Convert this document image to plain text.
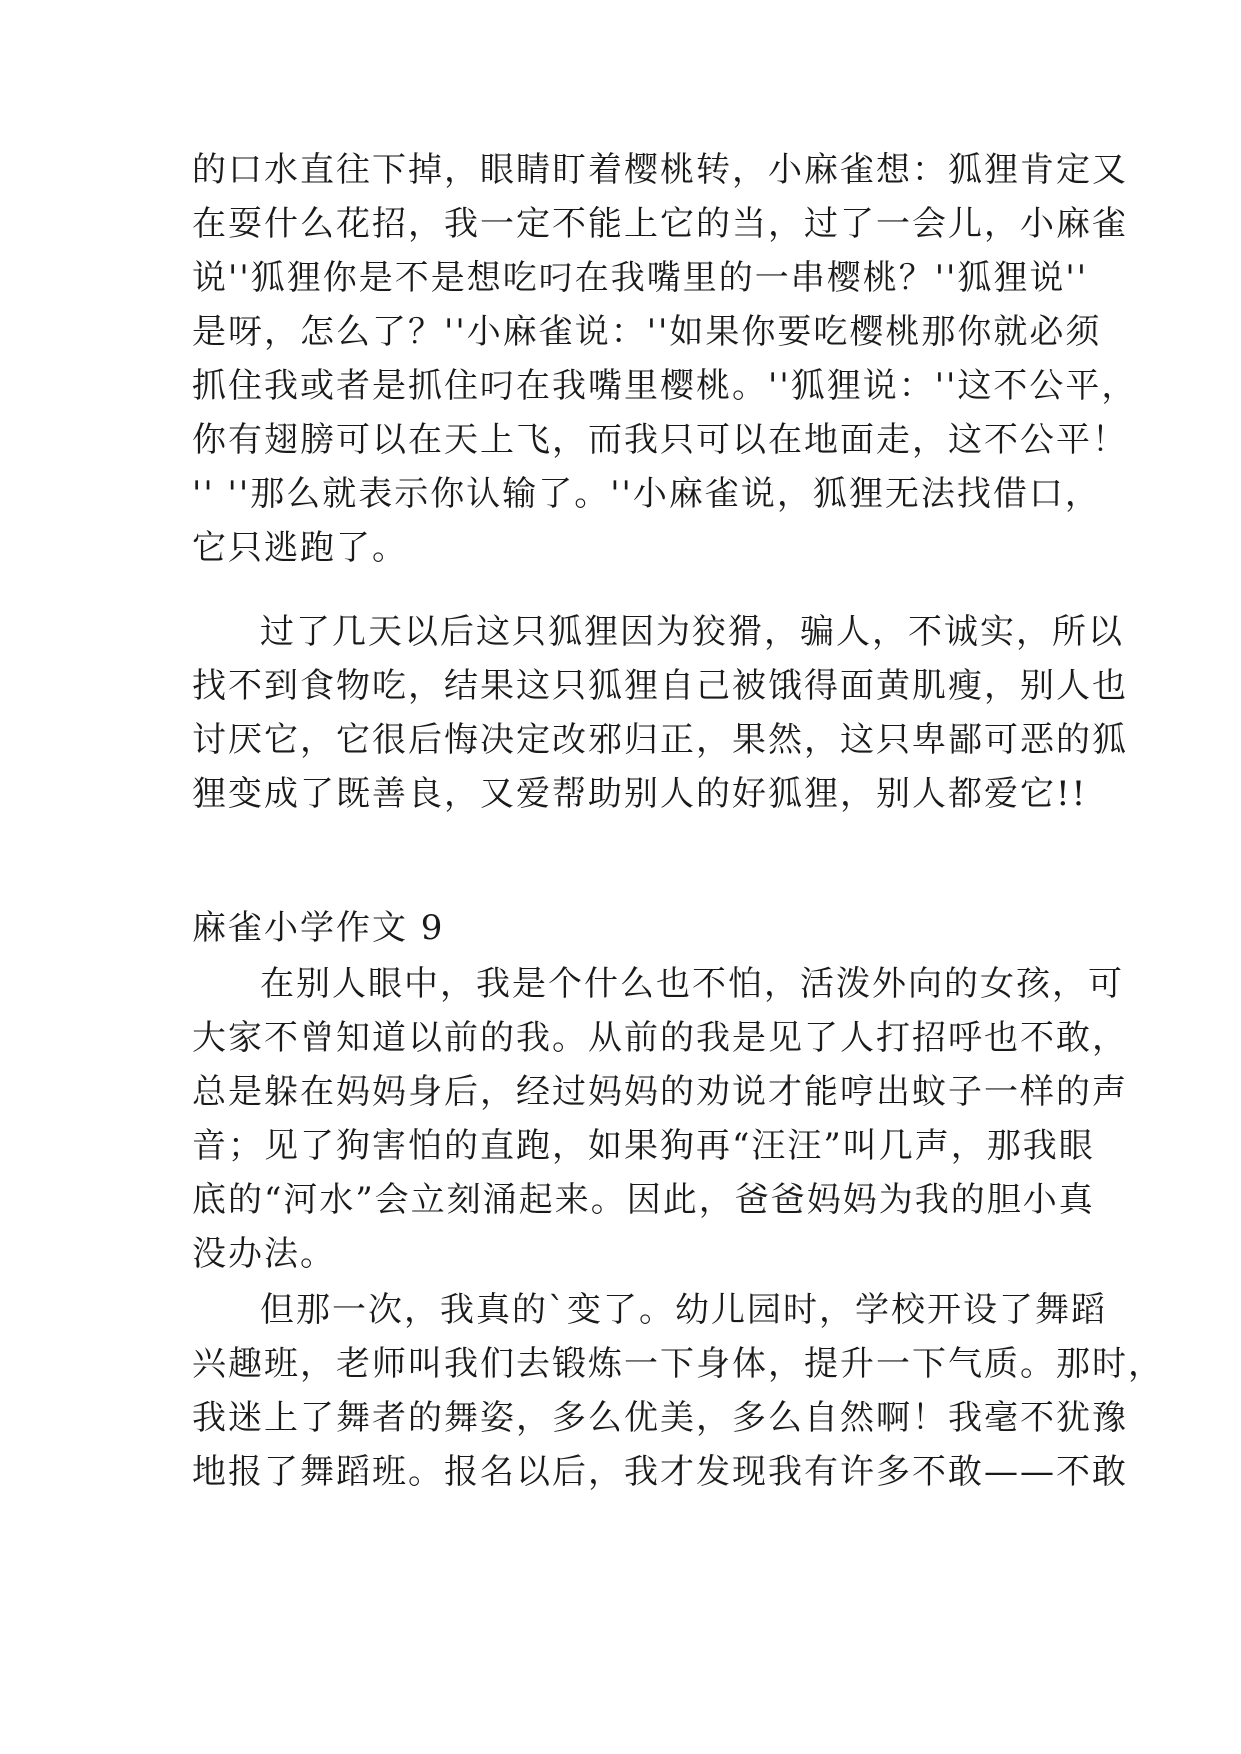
的口水直往下掉，眼睛盯着樱桃转，小麻雀想：狐狸肯定又
在耍什么花招，我一定不能上它的当，过了一会儿，小麻雀
说''狐狸你是不是想吃叼在我嘴里的一串樱桃？''狐狸说''
是呀，怎么了？''小麻雀说：''如果你要吃樱桃那你就必须
抓住我或者是抓住叼在我嘴里樱桃。''狐狸说：''这不公平，
你有翅膀可以在天上飞，而我只可以在地面走，这不公平！
'' ''那么就表示你认输了。''小麻雀说，狐狸无法找借口，
它只逃跑了。
过了几天以后这只狐狸因为狡猾，骗人，不诚实，所以
找不到食物吃，结果这只狐狸自己被饿得面黄肌瘦，别人也
讨厌它，它很后悔决定改邪归正，果然，这只卑鄙可恶的狐
狸变成了既善良，又爱帮助别人的好狐狸，别人都爱它!!
麻雀小学作文 9
在别人眼中，我是个什么也不怕，活泼外向的女孩，可
大家不曾知道以前的我。从前的我是见了人打招呼也不敢，
总是躲在妈妈身后，经过妈妈的劝说才能哼出蚊子一样的声
音；见了狗害怕的直跑，如果狗再“汪汪”叫几声，那我眼
底的“河水”会立刻涌起来。因此，爸爸妈妈为我的胆小真
没办法。
但那一次，我真的`变了。幼儿园时，学校开设了舞蹈
兴趣班，老师叫我们去锻炼一下身体，提升一下气质。那时，
我迷上了舞者的舞姿，多么优美，多么自然啊！我毫不犹豫
地报了舞蹈班。报名以后，我才发现我有许多不敢——不敢
